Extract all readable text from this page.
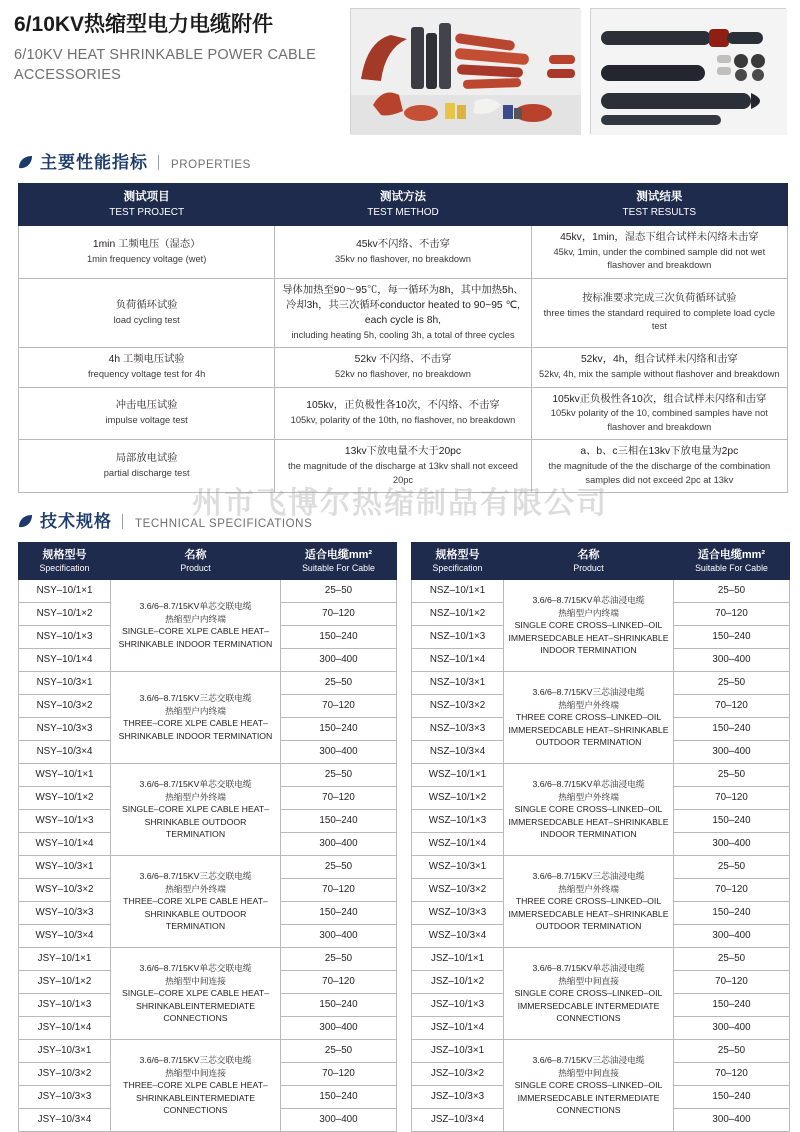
6/10KV热缩型电力电缆附件
6/10KV HEAT SHRINKABLE POWER CABLE ACCESSORIES
主要性能指标 PROPERTIES
测试项目
TEST PROJECT	测试方法
TEST METHOD	测试结果
TEST RESULTS

1min 工频电压（湿态）
1min frequency voltage (wet)	45kv不闪络、不击穿
35kv no flashover, no breakdown	45kv，1min，湿态下组合试样未闪络未击穿
45kv, 1min, under the combined sample did not wet flashover and breakdown

负荷循环试验
load cycling test	导体加热至90～95℃，每一循环为8h，其中加热5h、冷却3h，共三次循环conductor heated to 90~95 ℃, each cycle is 8h,
including heating 5h, cooling 3h, a total of three cycles	按标准要求完成三次负荷循环试验
three times the standard required to complete load cycle test

4h 工频电压试验
frequency voltage test for 4h	52kv 不闪络、不击穿
52kv no flashover, no breakdown	52kv，4h，组合试样未闪络和击穿
52kv, 4h, mix the sample without flashover and breakdown

冲击电压试验
impulse voltage test	105kv，正负极性各10次，不闪络、不击穿
105kv, polarity of the 10th, no flashover, no breakdown	105kv正负极性各10次，组合试样未闪络和击穿
105kv polarity of the 10, combined samples have not flashover and breakdown

局部放电试验
partial discharge test	13kv下放电量不大于20pc
the magnitude of the discharge at 13kv shall not exceed 20pc	a、b、c三相在13kv下放电量为2pc
the magnitude of the the discharge of the combination samples did not exceed 2pc at 13kv
技术规格 TECHNICAL SPECIFICATIONS
规格型号
Specification	名称
Product	适合电缆mm²
Suitable For Cable

NSY–10/1×1	3.6/6–8.7/15KV单芯交联电缆
热缩型户内终端
SINGLE–CORE XLPE CABLE HEAT–
SHRINKABLE INDOOR TERMINATION	25–50
NSY–10/1×2		70–120
NSY–10/1×3		150–240
NSY–10/1×4		300–400
NSY–10/3×1	3.6/6–8.7/15KV三芯交联电缆
热缩型户内终端
THREE–CORE XLPE CABLE HEAT–
SHRINKABLE INDOOR TERMINATION	25–50
NSY–10/3×2		70–120
NSY–10/3×3		150–240
NSY–10/3×4		300–400
WSY–10/1×1	3.6/6–8.7/15KV单芯交联电缆
热缩型户外终端
SINGLE–CORE XLPE CABLE HEAT–
SHRINKABLE OUTDOOR TERMINATION	25–50
WSY–10/1×2		70–120
WSY–10/1×3		150–240
WSY–10/1×4		300–400
WSY–10/3×1	3.6/6–8.7/15KV三芯交联电缆
热缩型户外终端
THREE–CORE XLPE CABLE HEAT–
SHRINKABLE OUTDOOR TERMINATION	25–50
WSY–10/3×2		70–120
WSY–10/3×3		150–240
WSY–10/3×4		300–400
JSY–10/1×1	3.6/6–8.7/15KV单芯交联电缆
热缩型中间连接
SINGLE–CORE XLPE CABLE HEAT–
SHRINKABLEINTERMEDIATE CONNECTIONS	25–50
JSY–10/1×2		70–120
JSY–10/1×3		150–240
JSY–10/1×4		300–400
JSY–10/3×1	3.6/6–8.7/15KV三芯交联电缆
热缩型中间连接
THREE–CORE XLPE CABLE HEAT–
SHRINKABLEINTERMEDIATE CONNECTIONS	25–50
JSY–10/3×2		70–120
JSY–10/3×3		150–240
JSY–10/3×4		300–400
规格型号
Specification	名称
Product	适合电缆mm²
Suitable For Cable

NSZ–10/1×1	3.6/6–8.7/15KV单芯油浸电缆
热缩型户内终端
SINGLE CORE CROSS–LINKED–OIL
IMMERSEDCABLE HEAT–SHRINKABLE
INDOOR TERMINATION	25–50
NSZ–10/1×2		70–120
NSZ–10/1×3		150–240
NSZ–10/1×4		300–400
NSZ–10/3×1	3.6/6–8.7/15KV三芯油浸电缆
热缩型户外终端
THREE CORE CROSS–LINKED–OIL
IMMERSEDCABLE HEAT–SHRINKABLE
OUTDOOR TERMINATION	25–50
NSZ–10/3×2		70–120
NSZ–10/3×3		150–240
NSZ–10/3×4		300–400
WSZ–10/1×1	3.6/6–8.7/15KV单芯油浸电缆
热缩型户外终端
SINGLE CORE CROSS–LINKED–OIL
IMMERSEDCABLE HEAT–SHRINKABLE
INDOOR TERMINATION	25–50
WSZ–10/1×2		70–120
WSZ–10/1×3		150–240
WSZ–10/1×4		300–400
WSZ–10/3×1	3.6/6–8.7/15KV三芯油浸电缆
热缩型户外终端
THREE CORE CROSS–LINKED–OIL
IMMERSEDCABLE HEAT–SHRINKABLE
OUTDOOR TERMINATION	25–50
WSZ–10/3×2		70–120
WSZ–10/3×3		150–240
WSZ–10/3×4		300–400
JSZ–10/1×1	3.6/6–8.7/15KV单芯油浸电缆
热缩型中间直接
SINGLE CORE CROSS–LINKED–OIL
IMMERSEDCABLE INTERMEDIATE
CONNECTIONS	25–50
JSZ–10/1×2		70–120
JSZ–10/1×3		150–240
JSZ–10/1×4		300–400
JSZ–10/3×1	3.6/6–8.7/15KV三芯油浸电缆
热缩型中间直接
SINGLE CORE CROSS–LINKED–OIL
IMMERSEDCABLE INTERMEDIATE
CONNECTIONS	25–50
JSZ–10/3×2		70–120
JSZ–10/3×3		150–240
JSZ–10/3×4		300–400
州市飞博尔热缩制品有限公司
